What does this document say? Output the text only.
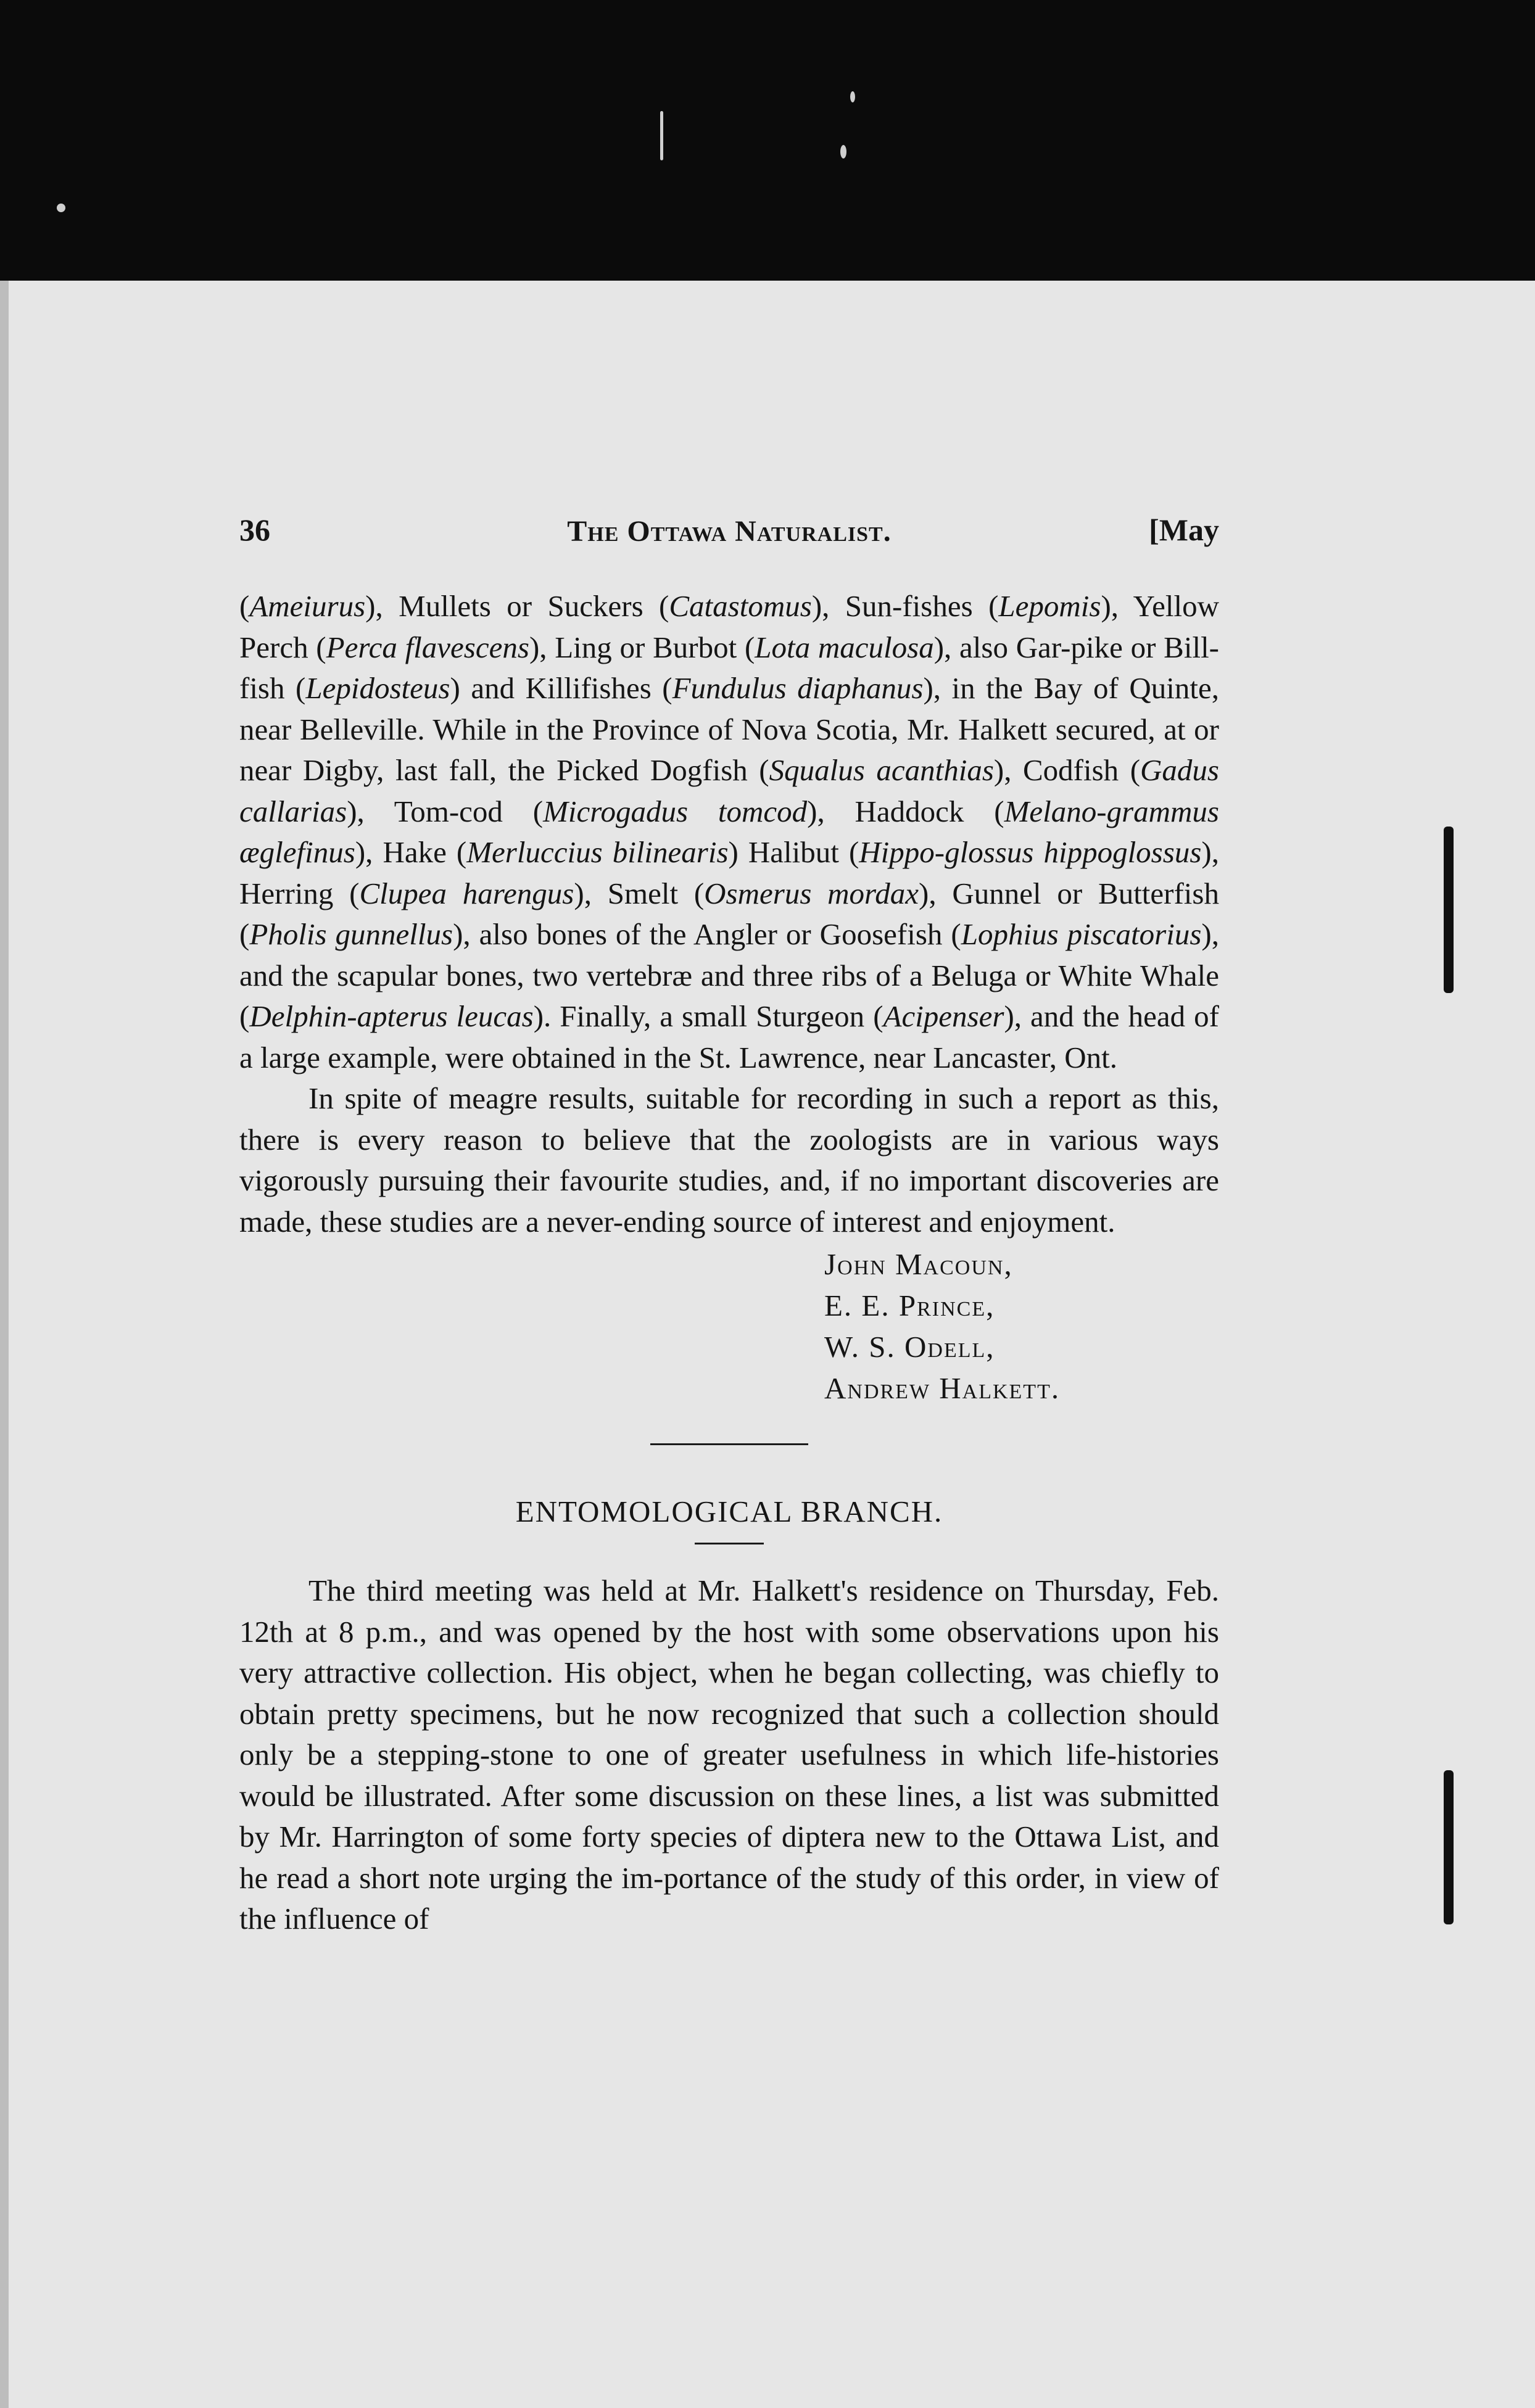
36	The Ottawa Naturalist.	[May

(Ameiurus), Mullets or Suckers (Catastomus), Sun-fishes (Lepomis), Yellow Perch (Perca flavescens), Ling or Burbot (Lota maculosa), also Gar-pike or Bill-fish (Lepidosteus) and Killifishes (Fundulus diaphanus), in the Bay of Quinte, near Belleville. While in the Province of Nova Scotia, Mr. Halkett secured, at or near Digby, last fall, the Picked Dogfish (Squalus acanthias), Codfish (Gadus callarias), Tom-cod (Microgadus tomcod), Haddock (Melano-grammus æglefinus), Hake (Merluccius bilinearis) Halibut (Hippo-glossus hippoglossus), Herring (Clupea harengus), Smelt (Osmerus mordax), Gunnel or Butterfish (Pholis gunnellus), also bones of the Angler or Goosefish (Lophius piscatorius), and the scapular bones, two vertebræ and three ribs of a Beluga or White Whale (Delphin-apterus leucas). Finally, a small Sturgeon (Acipenser), and the head of a large example, were obtained in the St. Lawrence, near Lancaster, Ont.

In spite of meagre results, suitable for recording in such a report as this, there is every reason to believe that the zoologists are in various ways vigorously pursuing their favourite studies, and, if no important discoveries are made, these studies are a never-ending source of interest and enjoyment.

John Macoun,
E. E. Prince,
W. S. Odell,
Andrew Halkett.
ENTOMOLOGICAL BRANCH.

The third meeting was held at Mr. Halkett's residence on Thursday, Feb. 12th at 8 p.m., and was opened by the host with some observations upon his very attractive collection. His object, when he began collecting, was chiefly to obtain pretty specimens, but he now recognized that such a collection should only be a stepping-stone to one of greater usefulness in which life-histories would be illustrated. After some discussion on these lines, a list was submitted by Mr. Harrington of some forty species of diptera new to the Ottawa List, and he read a short note urging the im-portance of the study of this order, in view of the influence of
